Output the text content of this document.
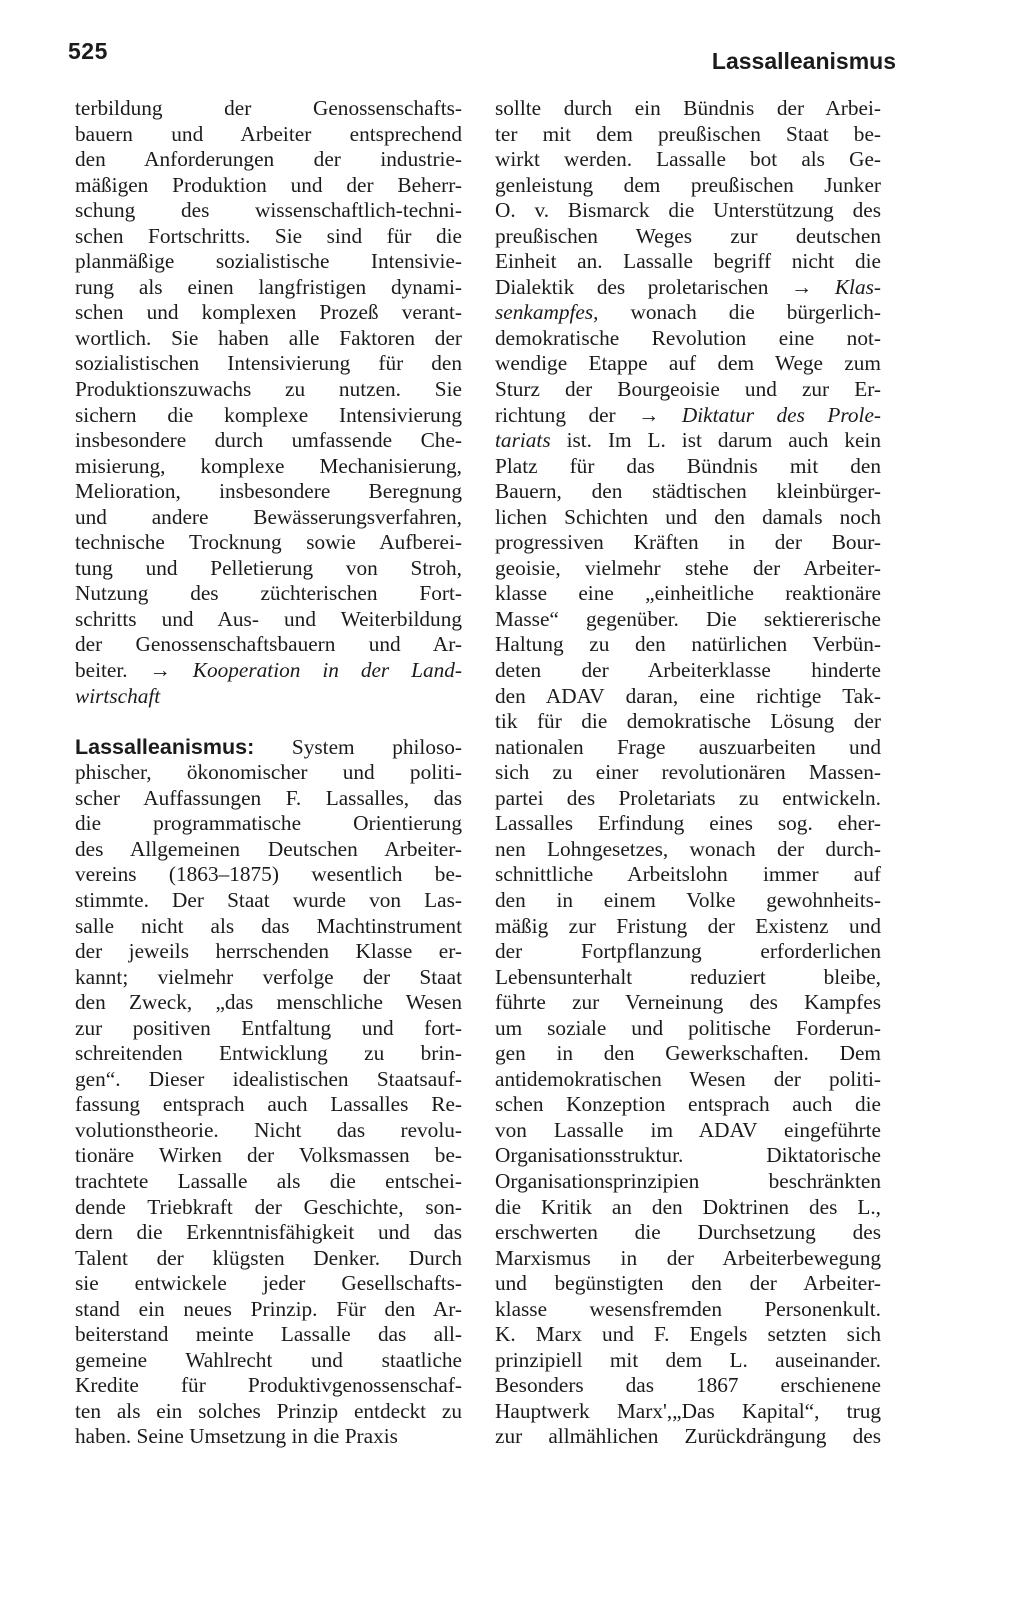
525	Lassalleanismus
terbildung der Genossenschafts-
bauern und Arbeiter entsprechend
den Anforderungen der industrie-
mäßigen Produktion und der Beherr-
schung des wissenschaftlich-techni-
schen Fortschritts. Sie sind für die
planmäßige sozialistische Intensivie-
rung als einen langfristigen dynami-
schen und komplexen Prozeß verant-
wortlich. Sie haben alle Faktoren der
sozialistischen Intensivierung für den
Produktionszuwachs zu nutzen. Sie
sichern die komplexe Intensivierung
insbesondere durch umfassende Che-
misierung, komplexe Mechanisierung,
Melioration, insbesondere Beregnung
und andere Bewässerungsverfahren,
technische Trocknung sowie Aufberei-
tung und Pelletierung von Stroh,
Nutzung des züchterischen Fort-
schritts und Aus- und Weiterbildung
der Genossenschaftsbauern und Ar-
beiter. → Kooperation in der Land-
wirtschaft
Lassalleanismus: System philoso-
phischer, ökonomischer und politi-
scher Auffassungen F. Lassalles, das
die programmatische Orientierung
des Allgemeinen Deutschen Arbeiter-
vereins (1863–1875) wesentlich be-
stimmte. Der Staat wurde von Las-
salle nicht als das Machtinstrument
der jeweils herrschenden Klasse er-
kannt; vielmehr verfolge der Staat
den Zweck, „das menschliche Wesen
zur positiven Entfaltung und fort-
schreitenden Entwicklung zu brin-
gen“. Dieser idealistischen Staatsauf-
fassung entsprach auch Lassalles Re-
volutionstheorie. Nicht das revolu-
tionäre Wirken der Volksmassen be-
trachtete Lassalle als die entschei-
dende Triebkraft der Geschichte, son-
dern die Erkenntnisfähigkeit und das
Talent der klügsten Denker. Durch
sie entwickele jeder Gesellschafts-
stand ein neues Prinzip. Für den Ar-
beiterstand meinte Lassalle das all-
gemeine Wahlrecht und staatliche
Kredite für Produktivgenossenschaf-
ten als ein solches Prinzip entdeckt zu
haben. Seine Umsetzung in die Praxis
sollte durch ein Bündnis der Arbei-
ter mit dem preußischen Staat be-
wirkt werden. Lassalle bot als Ge-
genleistung dem preußischen Junker
O. v. Bismarck die Unterstützung des
preußischen Weges zur deutschen
Einheit an. Lassalle begriff nicht die
Dialektik des proletarischen → Klas-
senkampfes, wonach die bürgerlich-
demokratische Revolution eine not-
wendige Etappe auf dem Wege zum
Sturz der Bourgeoisie und zur Er-
richtung der → Diktatur des Prole-
tariats ist. Im L. ist darum auch kein
Platz für das Bündnis mit den
Bauern, den städtischen kleinbürger-
lichen Schichten und den damals noch
progressiven Kräften in der Bour-
geoisie, vielmehr stehe der Arbeiter-
klasse eine „einheitliche reaktionäre
Masse“ gegenüber. Die sektiererische
Haltung zu den natürlichen Verbün-
deten der Arbeiterklasse hinderte
den ADAV daran, eine richtige Tak-
tik für die demokratische Lösung der
nationalen Frage auszuarbeiten und
sich zu einer revolutionären Massen-
partei des Proletariats zu entwickeln.
Lassalles Erfindung eines sog. eher-
nen Lohngesetzes, wonach der durch-
schnittliche Arbeitslohn immer auf
den in einem Volke gewohnheits-
mäßig zur Fristung der Existenz und
der Fortpflanzung erforderlichen
Lebensunterhalt reduziert bleibe,
führte zur Verneinung des Kampfes
um soziale und politische Forderun-
gen in den Gewerkschaften. Dem
antidemokratischen Wesen der politi-
schen Konzeption entsprach auch die
von Lassalle im ADAV eingeführte
Organisationsstruktur. Diktatorische
Organisationsprinzipien beschränkten
die Kritik an den Doktrinen des L.,
erschwerten die Durchsetzung des
Marxismus in der Arbeiterbewegung
und begünstigten den der Arbeiter-
klasse wesensfremden Personenkult.
K. Marx und F. Engels setzten sich
prinzipiell mit dem L. auseinander.
Besonders das 1867 erschienene
Hauptwerk Marx',„Das Kapital“, trug
zur allmählichen Zurückdrängung des
